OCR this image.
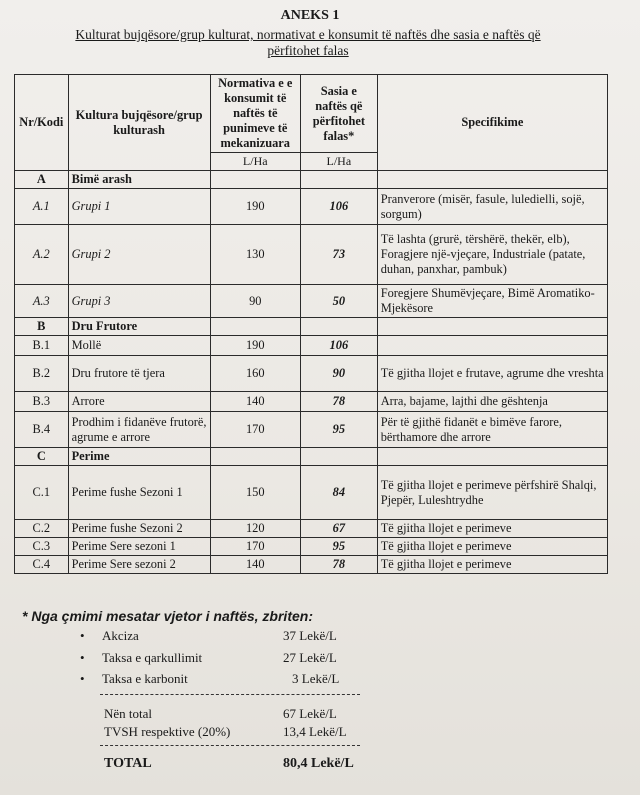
ANEKS 1
Kulturat bujqësore/grup kulturat, normativat e konsumit të naftës dhe sasia e naftës që
përfitohet falas
Nr/Kodi	Kultura bujqësore/grup kulturash	Normativa e e konsumit të naftës të punimeve të mekanizuara	Sasia e naftës që përfitohet falas*	Specifikime
		L/Ha	L/Ha	
A	Bimë arash			
A.1	Grupi 1	190	106	Pranverore (misër, fasule, luledielli, sojë, sorgum)
A.2	Grupi 2	130	73	Të lashta (grurë, tërshërë, thekër, elb), Foragjere një-vjeçare, Industriale (patate, duhan, panxhar, pambuk)
A.3	Grupi 3	90	50	Foregjere Shumëvjeçare, Bimë Aromatiko-Mjekësore
B	Dru Frutore			
B.1	Mollë	190	106	
B.2	Dru frutore të tjera	160	90	Të gjitha llojet e frutave, agrume dhe vreshta
B.3	Arrore	140	78	Arra, bajame, lajthi dhe gështenja
B.4	Prodhim i fidanëve frutorë, agrume e arrore	170	95	Për të gjithë fidanët e bimëve farore, bërthamore dhe arrore
C	Perime			
C.1	Perime fushe Sezoni 1	150	84	Të gjitha llojet e perimeve përfshirë Shalqi, Pjepër, Luleshtrydhe
C.2	Perime fushe Sezoni 2	120	67	Të gjitha llojet e perimeve
C.3	Perime Sere sezoni 1	170	95	Të gjitha llojet e perimeve
C.4	Perime Sere sezoni 2	140	78	Të gjitha llojet e perimeve
* Nga çmimi mesatar vjetor i naftës, zbriten:
• Akciza	37 Lekë/L
• Taksa e qarkullimit	27 Lekë/L
• Taksa e karbonit	3 Lekë/L
Nën total	67 Lekë/L
TVSH respektive (20%)	13,4 Lekë/L
TOTAL	80,4 Lekë/L
